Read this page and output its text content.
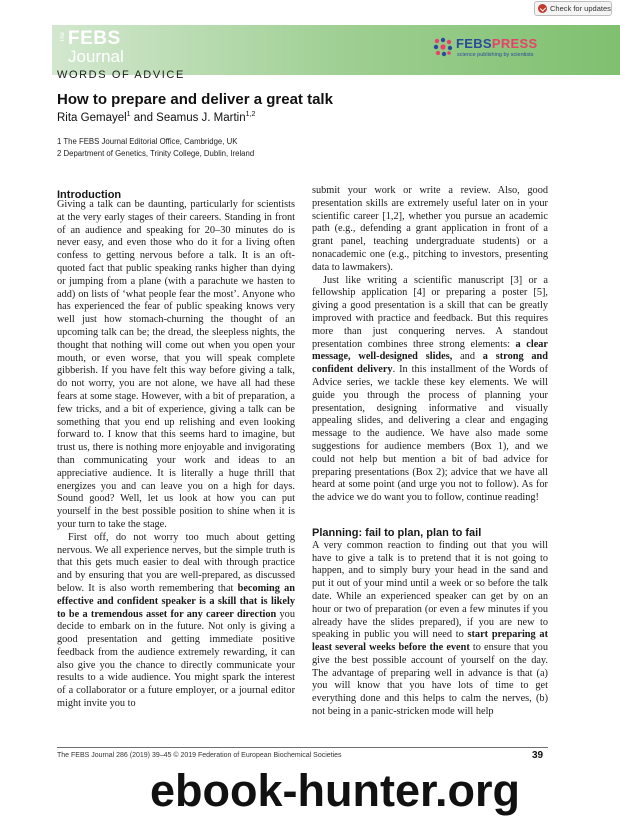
Check for updates
The FEBS
Journal
FEBSPRESS
science publishing by scientists
WORDS OF ADVICE
How to prepare and deliver a great talk
Rita Gemayel$^1$ and Seamus J. Martin$^{1,2}$
1 The FEBS Journal Editorial Office, Cambridge, UK
2 Department of Genetics, Trinity College, Dublin, Ireland
Introduction

Giving a talk can be daunting, particularly for scientists at the very early stages of their careers. Standing in front of an audience and speaking for 20–30 minutes do is never easy, and even those who do it for a living often confess to getting nervous before a talk. It is an oft-quoted fact that public speaking ranks higher than dying or jumping from a plane (with a parachute we hasten to add) on lists of ‘what people fear the most’. Anyone who has experienced the fear of public speaking knows very well just how stomach-churning the thought of an upcoming talk can be; the dread, the sleepless nights, the thought that nothing will come out when you open your mouth, or even worse, that you will speak complete gibberish. If you have felt this way before giving a talk, do not worry, you are not alone, we have all had these fears at some stage. However, with a bit of preparation, a few tricks, and a bit of experience, giving a talk can be something that you end up relishing and even looking forward to. I know that this seems hard to imagine, but trust us, there is nothing more enjoyable and invigorating than communicating your work and ideas to an appreciative audience. It is literally a huge thrill that energizes you and can leave you on a high for days. Sound good? Well, let us look at how you can put yourself in the best possible position to shine when it is your turn to take the stage.

First off, do not worry too much about getting nervous. We all experience nerves, but the simple truth is that this gets much easier to deal with through practice and by ensuring that you are well-prepared, as discussed below. It is also worth remembering that becoming an effective and confident speaker is a skill that is likely to be a tremendous asset for any career direction you decide to embark on in the future. Not only is giving a good presentation and getting immediate positive feedback from the audience extremely rewarding, it can also give you the chance to directly communicate your results to a wide audience. You might spark the interest of a collaborator or a future employer, or a journal editor might invite you to

submit your work or write a review. Also, good presentation skills are extremely useful later on in your scientific career [1,2], whether you pursue an academic path (e.g., defending a grant application in front of a grant panel, teaching undergraduate students) or a nonacademic one (e.g., pitching to investors, presenting data to lawmakers).

Just like writing a scientific manuscript [3] or a fellowship application [4] or preparing a poster [5], giving a good presentation is a skill that can be greatly improved with practice and feedback. But this requires more than just conquering nerves. A standout presentation combines three strong elements: a clear message, well-designed slides, and a strong and confident delivery. In this installment of the Words of Advice series, we tackle these key elements. We will guide you through the process of planning your presentation, designing informative and visually appealing slides, and delivering a clear and engaging message to the audience. We have also made some suggestions for audience members (Box 1), and we could not help but mention a bit of bad advice for preparing presentations (Box 2); advice that we have all heard at some point (and urge you not to follow). As for the advice we do want you to follow, continue reading!

Planning: fail to plan, plan to fail

A very common reaction to finding out that you will have to give a talk is to pretend that it is not going to happen, and to simply bury your head in the sand and put it out of your mind until a week or so before the talk date. While an experienced speaker can get by on an hour or two of preparation (or even a few minutes if you already have the slides prepared), if you are new to speaking in public you will need to start preparing at least several weeks before the event to ensure that you give the best possible account of yourself on the day. The advantage of preparing well in advance is that (a) you will know that you have lots of time to get everything done and this helps to calm the nerves, (b) not being in a panic-stricken mode will help

The FEBS Journal 286 (2019) 39–45 © 2019 Federation of European Biochemical Societies	39
ebook-hunter.org
